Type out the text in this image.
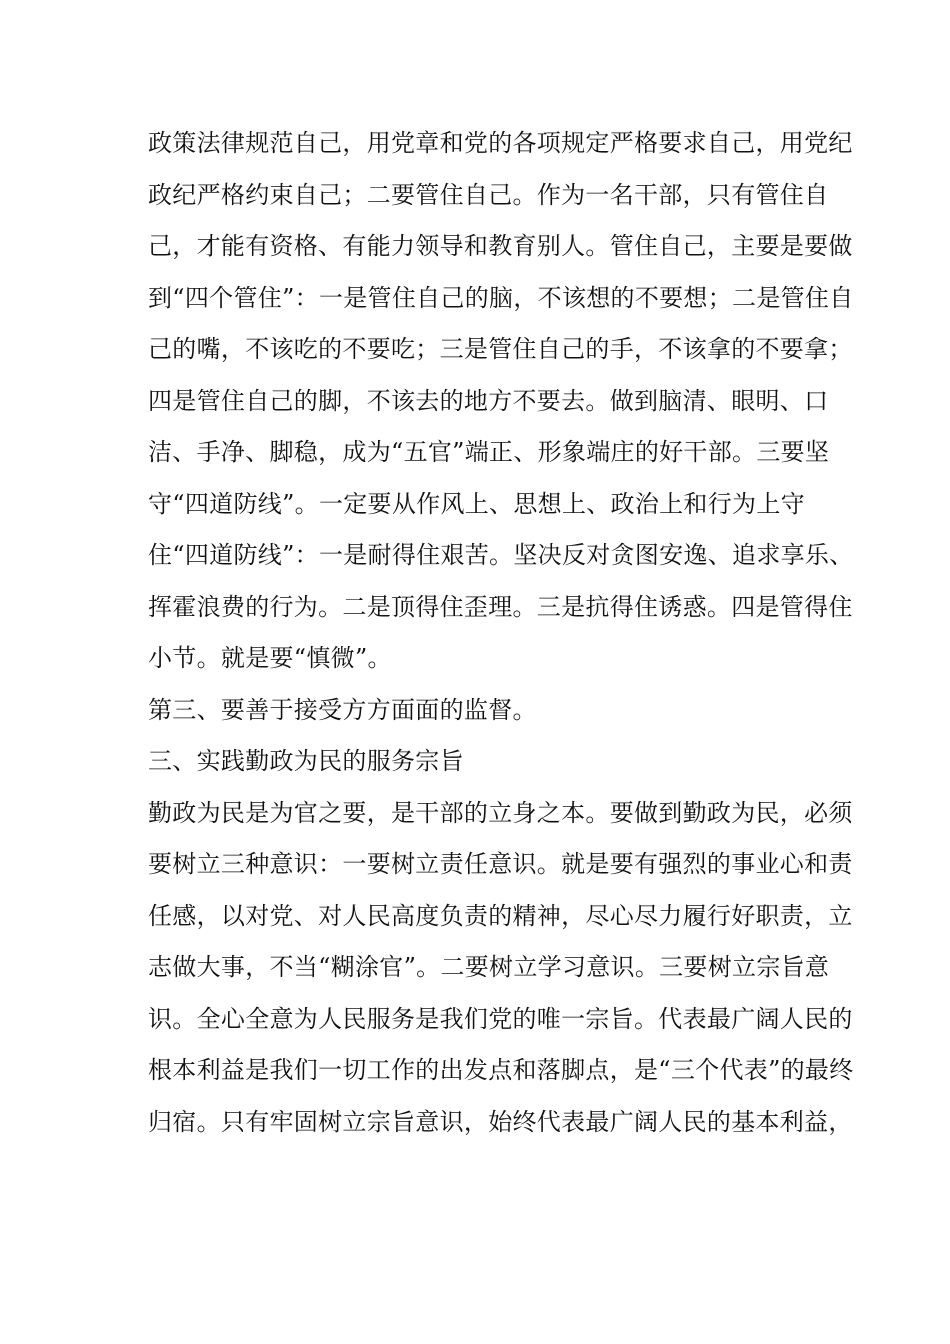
政策法律规范自己，用党章和党的各项规定严格要求自己，用党纪
政纪严格约束自己；二要管住自己。作为一名干部，只有管住自
己，才能有资格、有能力领导和教育别人。管住自己，主要是要做
到“四个管住”：一是管住自己的脑，不该想的不要想；二是管住自
己的嘴，不该吃的不要吃；三是管住自己的手，不该拿的不要拿；
四是管住自己的脚，不该去的地方不要去。做到脑清、眼明、口
洁、手净、脚稳，成为“五官”端正、形象端庄的好干部。三要坚
守“四道防线”。一定要从作风上、思想上、政治上和行为上守
住“四道防线”：一是耐得住艰苦。坚决反对贪图安逸、追求享乐、
挥霍浪费的行为。二是顶得住歪理。三是抗得住诱惑。四是管得住
小节。就是要“慎微”。
第三、要善于接受方方面面的监督。
三、实践勤政为民的服务宗旨
勤政为民是为官之要，是干部的立身之本。要做到勤政为民，必须
要树立三种意识：一要树立责任意识。就是要有强烈的事业心和责
任感，以对党、对人民高度负责的精神，尽心尽力履行好职责，立
志做大事，不当“糊涂官”。二要树立学习意识。三要树立宗旨意
识。全心全意为人民服务是我们党的唯一宗旨。代表最广阔人民的
根本利益是我们一切工作的出发点和落脚点，是“三个代表”的最终
归宿。只有牢固树立宗旨意识，始终代表最广阔人民的基本利益，
